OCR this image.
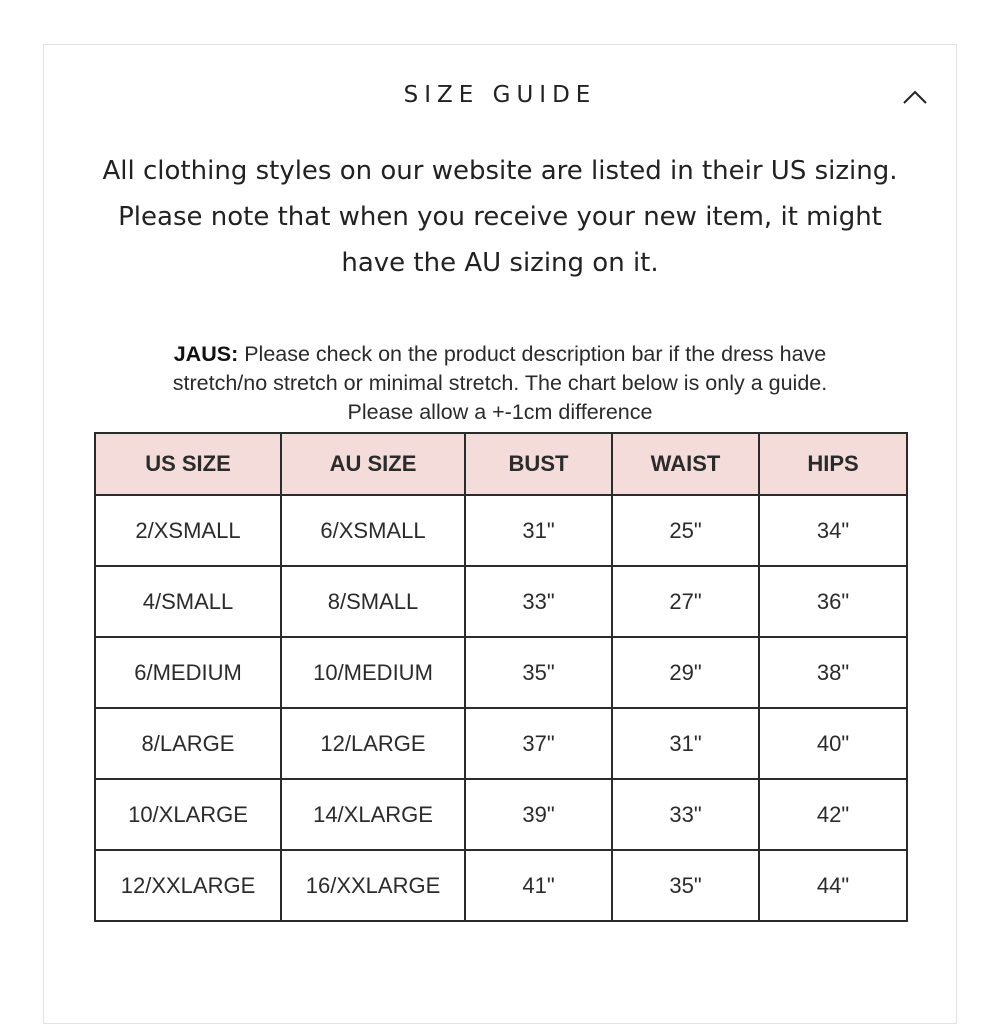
SIZE GUIDE

All clothing styles on our website are listed in their US sizing. Please note that when you receive your new item, it might have the AU sizing on it.

JAUS: Please check on the product description bar if the dress have
stretch/no stretch or minimal stretch. The chart below is only a guide.
Please allow a +-1cm difference

US SIZE	AU SIZE	BUST	WAIST	HIPS
2/XSMALL	6/XSMALL	31"	25"	34"
4/SMALL	8/SMALL	33"	27"	36"
6/MEDIUM	10/MEDIUM	35"	29"	38"
8/LARGE	12/LARGE	37"	31"	40"
10/XLARGE	14/XLARGE	39"	33"	42"
12/XXLARGE	16/XXLARGE	41"	35"	44"
